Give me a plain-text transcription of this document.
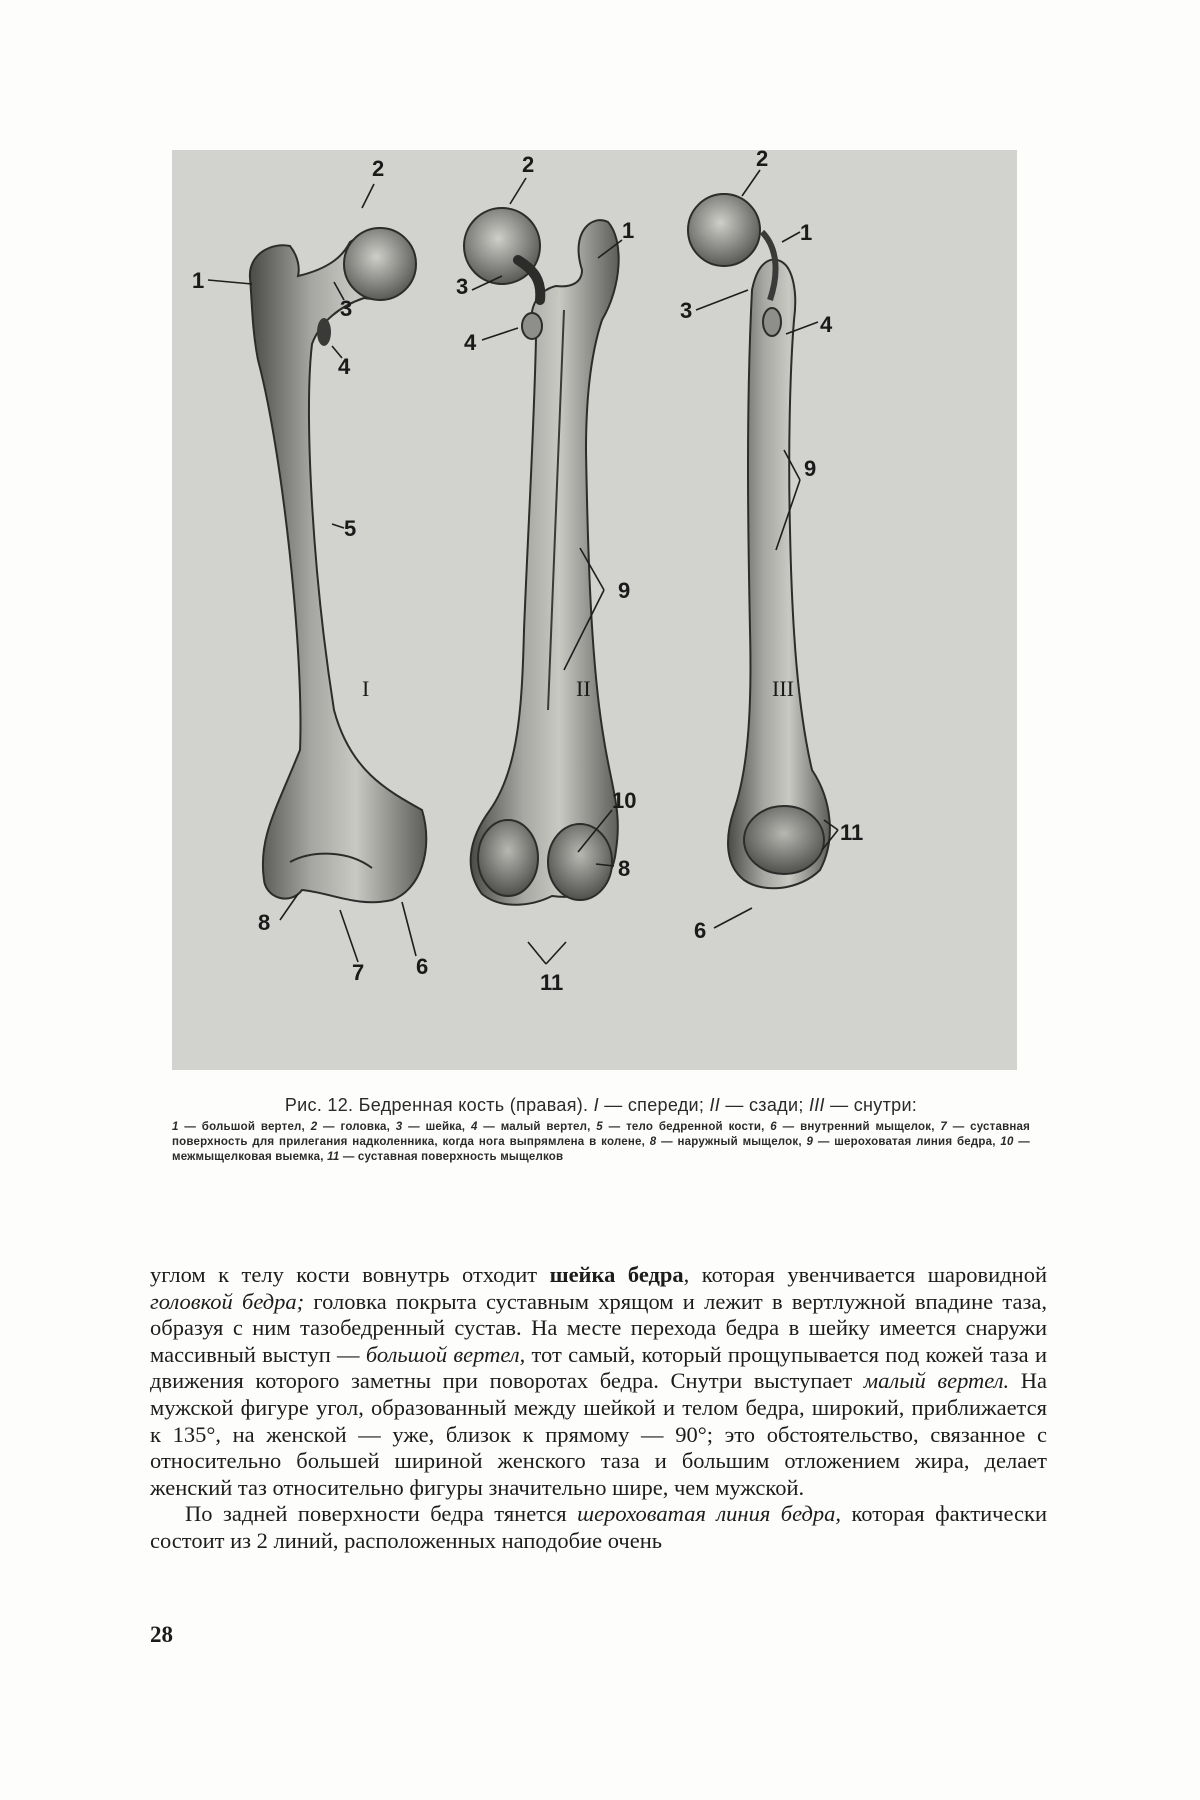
2
1
3
4
5
I
8
7 6
2
1
3
4
9
II
10
8
11
2
1
3
4
9
III
11
6
Рис. 12. Бедренная кость (правая). I — спереди; II — сзади; III — снутри:
1 — большой вертел, 2 — головка, 3 — шейка, 4 — малый вертел, 5 — тело бедренной кости, 6 — внутренний мыщелок, 7 — суставная поверхность для прилегания надколенника, когда нога выпрямлена в колене, 8 — наружный мыщелок, 9 — шероховатая линия бедра, 10 — межмыщелковая выемка, 11 — суставная поверхность мыщелков

углом к телу кости вовнутрь отходит шейка бедра, которая увенчивается шаровидной головкой бедра; головка покрыта суставным хрящом и лежит в вертлужной впадине таза, образуя с ним тазобедренный сустав. На месте перехода бедра в шейку имеется снаружи массивный выступ — большой вертел, тот самый, который прощупывается под кожей таза и движения которого заметны при поворотах бедра. Снутри выступает малый вертел. На мужской фигуре угол, образованный между шейкой и телом бедра, широкий, приближается к 135°, на женской — уже, близок к прямому — 90°; это обстоятельство, связанное с относительно большей шириной женского таза и большим отложением жира, делает женский таз относительно фигуры значительно шире, чем мужской.

По задней поверхности бедра тянется шероховатая линия бедра, которая фактически состоит из 2 линий, расположенных наподобие очень

28
